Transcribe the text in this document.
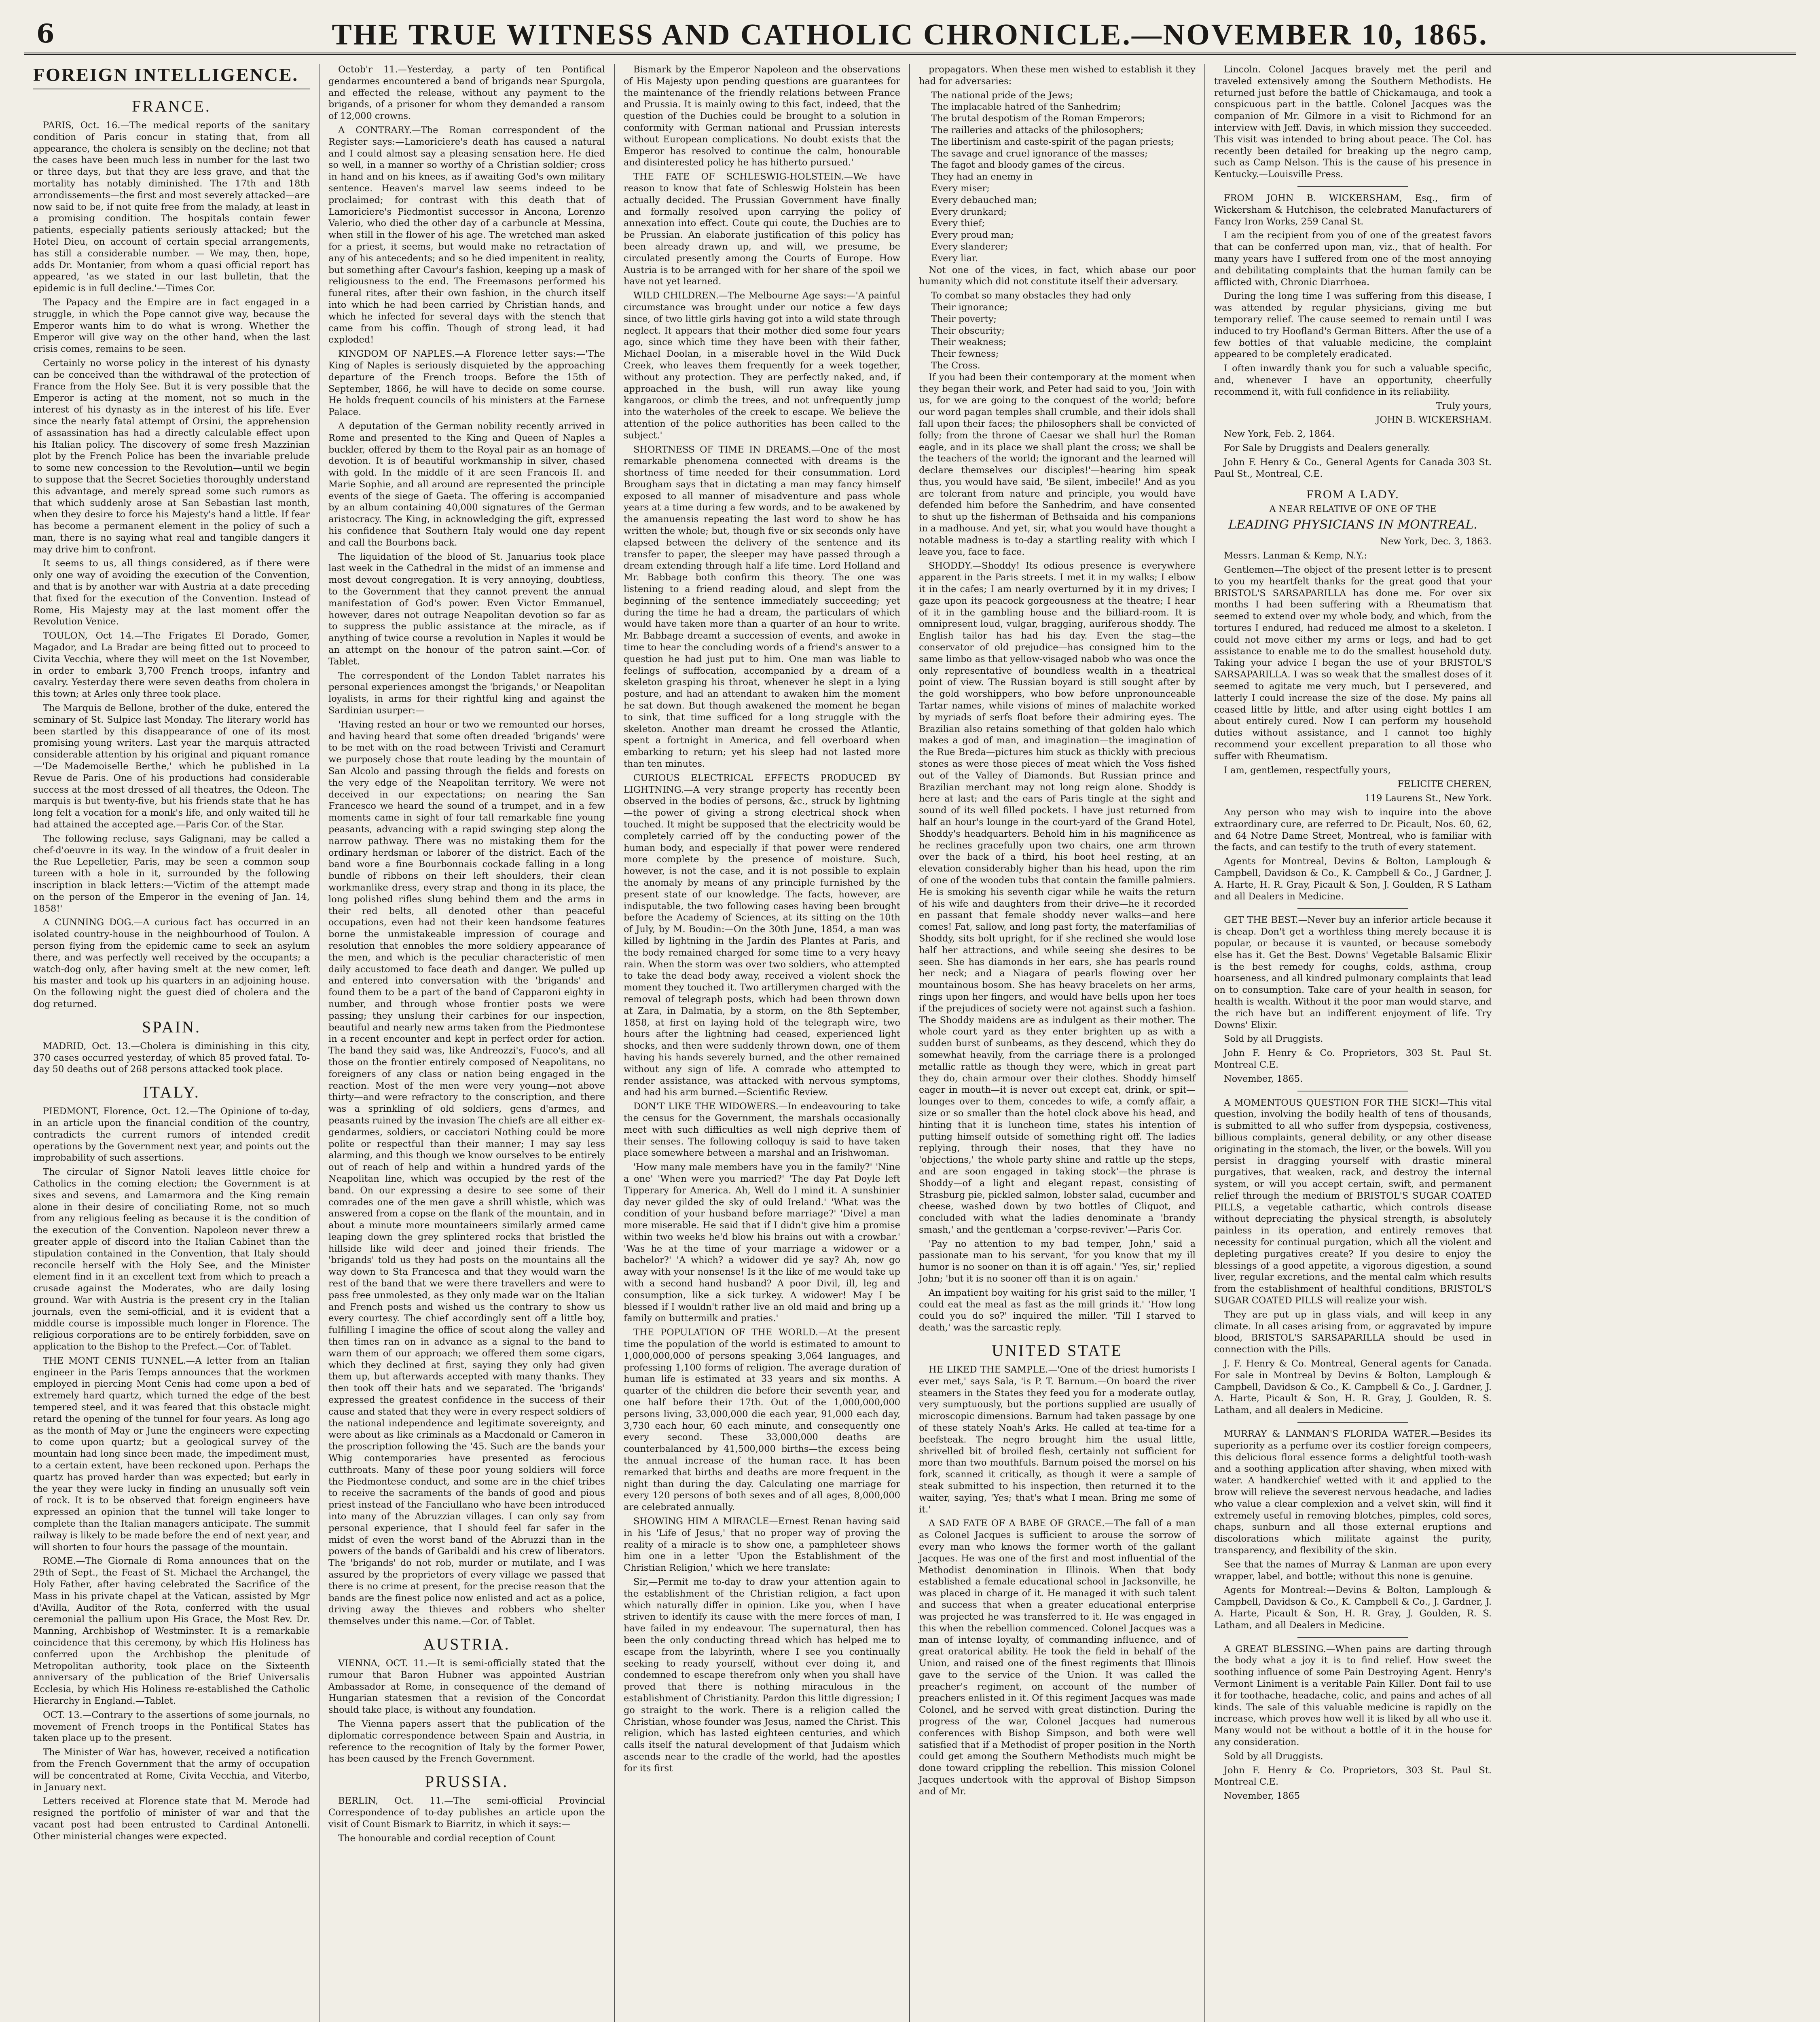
6	THE TRUE WITNESS AND CATHOLIC CHRONICLE.—NOVEMBER 10, 1865.
FOREIGN INTELLIGENCE.
FRANCE.

PARIS, Oct. 16.—The medical reports of the sanitary condition of Paris concur in stating that, from all appearance, the cholera is sensibly on the decline; not that the cases have been much less in number for the last two or three days, but that they are less grave, and that the mortality has notably diminished. The 17th and 18th arrondissements—the first and most severely attacked—are now said to be, if not quite free from the malady, at least in a promising condition. The hospitals contain fewer patients, especially patients seriously attacked; but the Hotel Dieu, on account of certain special arrangements, has still a considerable number. — We may, then, hope, adds Dr. Montanier, from whom a quasi official report has appeared, 'as we stated in our last bulletin, that the epidemic is in full decline.'—Times Cor.

The Papacy and the Empire are in fact engaged in a struggle, in which the Pope cannot give way, because the Emperor wants him to do what is wrong. Whether the Emperor will give way on the other hand, when the last crisis comes, remains to be seen.

Certainly no worse policy in the interest of his dynasty can be conceived than the withdrawal of the protection of France from the Holy See. But it is very possible that the Emperor is acting at the moment, not so much in the interest of his dynasty as in the interest of his life. Ever since the nearly fatal attempt of Orsini, the apprehension of assassination has had a directly calculable effect upon his Italian policy. The discovery of some fresh Mazzinian plot by the French Police has been the invariable prelude to some new concession to the Revolution—until we begin to suppose that the Secret Societies thoroughly understand this advantage, and merely spread some such rumors as that which suddenly arose at San Sebastian last month, when they desire to force his Majesty's hand a little. If fear has become a permanent element in the policy of such a man, there is no saying what real and tangible dangers it may drive him to confront.

It seems to us, all things considered, as if there were only one way of avoiding the execution of the Convention, and that is by another war with Austria at a date preceding that fixed for the execution of the Convention. Instead of Rome, His Majesty may at the last moment offer the Revolution Venice.

TOULON, Oct 14.—The Frigates El Dorado, Gomer, Magador, and La Bradar are being fitted out to proceed to Civita Vecchia, where they will meet on the 1st November, in order to embark 3,700 French troops, infantry and cavalry. Yesterday there were seven deaths from cholera in this town; at Arles only three took place.

The Marquis de Bellone, brother of the duke, entered the seminary of St. Sulpice last Monday. The literary world has been startled by this disappearance of one of its most promising young writers. Last year the marquis attracted considerable attention by his original and piquant romance—'De Mademoiselle Berthe,' which he published in La Revue de Paris. One of his productions had considerable success at the most dressed of all theatres, the Odeon. The marquis is but twenty-five, but his friends state that he has long felt a vocation for a monk's life, and only waited till he had attained the accepted age.—Paris Cor. of the Star.

The following recluse, says Galignani, may be called a chef-d'oeuvre in its way. In the window of a fruit dealer in the Rue Lepelletier, Paris, may be seen a common soup tureen with a hole in it, surrounded by the following inscription in black letters:—'Victim of the attempt made on the person of the Emperor in the evening of Jan. 14, 1858!'

A CUNNING DOG.—A curious fact has occurred in an isolated country-house in the neighbourhood of Toulon. A person flying from the epidemic came to seek an asylum there, and was perfectly well received by the occupants; a watch-dog only, after having smelt at the new comer, left his master and took up his quarters in an adjoining house. On the following night the guest died of cholera and the dog returned.

SPAIN.

MADRID, Oct. 13.—Cholera is diminishing in this city, 370 cases occurred yesterday, of which 85 proved fatal. To-day 50 deaths out of 268 persons attacked took place.

ITALY.

PIEDMONT, Florence, Oct. 12.—The Opinione of to-day, in an article upon the financial condition of the country, contradicts the current rumors of intended credit operations by the Government next year, and points out the improbability of such assertions.

The circular of Signor Natoli leaves little choice for Catholics in the coming election; the Government is at sixes and sevens, and Lamarmora and the King remain alone in their desire of conciliating Rome, not so much from any religious feeling as because it is the condition of the execution of the Convention. Napoleon never threw a greater apple of discord into the Italian Cabinet than the stipulation contained in the Convention, that Italy should reconcile herself with the Holy See, and the Minister element find in it an excellent text from which to preach a crusade against the Moderates, who are daily losing ground. War with Austria is the present cry in the Italian journals, even the semi-official, and it is evident that a middle course is impossible much longer in Florence. The religious corporations are to be entirely forbidden, save on application to the Bishop to the Prefect.—Cor. of Tablet.

THE MONT CENIS TUNNEL.—A letter from an Italian engineer in the Paris Temps announces that the workmen employed in piercing Mont Cenis had come upon a bed of extremely hard quartz, which turned the edge of the best tempered steel, and it was feared that this obstacle might retard the opening of the tunnel for four years. As long ago as the month of May or June the engineers were expecting to come upon quartz; but a geological survey of the mountain had long since been made, the impediment must, to a certain extent, have been reckoned upon. Perhaps the quartz has proved harder than was expected; but early in the year they were lucky in finding an unusually soft vein of rock. It is to be observed that foreign engineers have expressed an opinion that the tunnel will take longer to complete than the Italian managers anticipate. The summit railway is likely to be made before the end of next year, and will shorten to four hours the passage of the mountain.

ROME.—The Giornale di Roma announces that on the 29th of Sept., the Feast of St. Michael the Archangel, the Holy Father, after having celebrated the Sacrifice of the Mass in his private chapel at the Vatican, assisted by Mgr d'Avilla, Auditor of the Rota, conferred with the usual ceremonial the pallium upon His Grace, the Most Rev. Dr. Manning, Archbishop of Westminster. It is a remarkable coincidence that this ceremony, by which His Holiness has conferred upon the Archbishop the plenitude of Metropolitan authority, took place on the Sixteenth anniversary of the publication of the Brief Universalis Ecclesia, by which His Holiness re-established the Catholic Hierarchy in England.—Tablet.

OCT. 13.—Contrary to the assertions of some journals, no movement of French troops in the Pontifical States has taken place up to the present.

The Minister of War has, however, received a notification from the French Government that the army of occupation will be concentrated at Rome, Civita Vecchia, and Viterbo, in January next.

Letters received at Florence state that M. Merode had resigned the portfolio of minister of war and that the vacant post had been entrusted to Cardinal Antonelli. Other ministerial changes were expected.

Octob'r 11.—Yesterday, a party of ten Pontifical gendarmes encountered a band of brigands near Spurgola, and effected the release, without any payment to the brigands, of a prisoner for whom they demanded a ransom of 12,000 crowns.

A CONTRARY.—The Roman correspondent of the Register says:—Lamoriciere's death has caused a natural and I could almost say a pleasing sensation here. He died so well, in a manner so worthy of a Christian soldier; cross in hand and on his knees, as if awaiting God's own military sentence. Heaven's marvel law seems indeed to be proclaimed; for contrast with this death that of Lamoriciere's Piedmontist successor in Ancona, Lorenzo Valerio, who died the other day of a carbuncle at Messina, when still in the flower of his age. The wretched man asked for a priest, it seems, but would make no retractation of any of his antecedents; and so he died impenitent in reality, but something after Cavour's fashion, keeping up a mask of religiousness to the end. The Freemasons performed his funeral rites, after their own fashion, in the church itself into which he had been carried by Christian hands, and which he infected for several days with the stench that came from his coffin. Though of strong lead, it had exploded!

KINGDOM OF NAPLES.—A Florence letter says:—'The King of Naples is seriously disquieted by the approaching departure of the French troops. Before the 15th of September, 1866, he will have to decide on some course. He holds frequent councils of his ministers at the Farnese Palace.

A deputation of the German nobility recently arrived in Rome and presented to the King and Queen of Naples a buckler, offered by them to the Royal pair as an homage of devotion. It is of beautiful workmanship in silver, chased with gold. In the middle of it are seen Francois II. and Marie Sophie, and all around are represented the principle events of the siege of Gaeta. The offering is accompanied by an album containing 40,000 signatures of the German aristocracy. The King, in acknowledging the gift, expressed his confidence that Southern Italy would one day repent and call the Bourbons back.

The liquidation of the blood of St. Januarius took place last week in the Cathedral in the midst of an immense and most devout congregation. It is very annoying, doubtless, to the Government that they cannot prevent the annual manifestation of God's power. Even Victor Emmanuel, however, dares not outrage Neapolitan devotion so far as to suppress the public assistance at the miracle, as if anything of twice course a revolution in Naples it would be an attempt on the honour of the patron saint.—Cor. of Tablet.

The correspondent of the London Tablet narrates his personal experiences amongst the 'brigands,' or Neapolitan loyalists, in arms for their rightful king and against the Sardinian usurper:—

'Having rested an hour or two we remounted our horses, and having heard that some often dreaded 'brigands' were to be met with on the road between Trivisti and Ceramurt we purposely chose that route leading by the mountain of San Alcolo and passing through the fields and forests on the very edge of the Neapolitan territory. We were not deceived in our expectations; on nearing the San Francesco we heard the sound of a trumpet, and in a few moments came in sight of four tall remarkable fine young peasants, advancing with a rapid swinging step along the narrow pathway. There was no mistaking them for the ordinary herdsman or laborer of the district. Each of the band wore a fine Bourbonnais cockade falling in a long bundle of ribbons on their left shoulders, their clean workmanlike dress, every strap and thong in its place, the long polished rifles slung behind them and the arms in their red belts, all denoted other than peaceful occupations, even had not their keen handsome features borne the unmistakeable impression of courage and resolution that ennobles the more soldiery appearance of the men, and which is the peculiar characteristic of men daily accustomed to face death and danger. We pulled up and entered into conversation with the 'brigands' and found them to be a part of the band of Capparoni eighty in number, and through whose frontier posts we were passing; they unslung their carbines for our inspection, beautiful and nearly new arms taken from the Piedmontese in a recent encounter and kept in perfect order for action. The band they said was, like Andreozzi's, Fuoco's, and all those on the frontier entirely composed of Neapolitans, no foreigners of any class or nation being engaged in the reaction. Most of the men were very young—not above thirty—and were refractory to the conscription, and there was a sprinkling of old soldiers, gens d'armes, and peasants ruined by the invasion The chiefs are all either ex-gendarmes, soldiers, or cacciatori Nothing could be more polite or respectful than their manner; I may say less alarming, and this though we know ourselves to be entirely out of reach of help and within a hundred yards of the Neapolitan line, which was occupied by the rest of the band. On our expressing a desire to see some of their comrades one of the men gave a shrill whistle, which was answered from a copse on the flank of the mountain, and in about a minute more mountaineers similarly armed came leaping down the grey splintered rocks that bristled the hillside like wild deer and joined their friends. The 'brigands' told us they had posts on the mountains all the way down to Sta Francesca and that they would warn the rest of the band that we were there travellers and were to pass free unmolested, as they only made war on the Italian and French posts and wished us the contrary to show us every courtesy. The chief accordingly sent off a little boy, fulfilling I imagine the office of scout along the valley and then times ran on in advance as a signal to the band to warn them of our approach; we offered them some cigars, which they declined at first, saying they only had given them up, but afterwards accepted with many thanks. They then took off their hats and we separated. The 'brigands' expressed the greatest confidence in the success of their cause and stated that they were in every respect soldiers of the national independence and legitimate sovereignty, and were about as like criminals as a Macdonald or Cameron in the proscription following the '45. Such are the bands your Whig contemporaries have presented as ferocious cutthroats. Many of these poor young soldiers will force the Piedmontese conduct, and some are in the chief tribes to receive the sacraments of the bands of good and pious priest instead of the Fanciullano who have been introduced into many of the Abruzzian villages. I can only say from personal experience, that I should feel far safer in the midst of even the worst band of the Abruzzi than in the powers of the bands of Garibaldi and his crew of liberators. The 'brigands' do not rob, murder or mutilate, and I was assured by the proprietors of every village we passed that there is no crime at present, for the precise reason that the bands are the finest police now enlisted and act as a police, driving away the thieves and robbers who shelter themselves under this name.—Cor. of Tablet.

AUSTRIA.

VIENNA, OCT. 11.—It is semi-officially stated that the rumour that Baron Hubner was appointed Austrian Ambassador at Rome, in consequence of the demand of Hungarian statesmen that a revision of the Concordat should take place, is without any foundation.

The Vienna papers assert that the publication of the diplomatic correspondence between Spain and Austria, in reference to the recognition of Italy by the former Power, has been caused by the French Government.

PRUSSIA.

BERLIN, Oct. 11.—The semi-official Provincial Correspondence of to-day publishes an article upon the visit of Count Bismark to Biarritz, in which it says:—

The honourable and cordial reception of Count

Bismark by the Emperor Napoleon and the observations of His Majesty upon pending questions are guarantees for the maintenance of the friendly relations between France and Prussia. It is mainly owing to this fact, indeed, that the question of the Duchies could be brought to a solution in conformity with German national and Prussian interests without European complications. No doubt exists that the Emperor has resolved to continue the calm, honourable and disinterested policy he has hitherto pursued.'

THE FATE OF SCHLESWIG-HOLSTEIN.—We have reason to know that fate of Schleswig Holstein has been actually decided. The Prussian Government have finally and formally resolved upon carrying the policy of annexation into effect. Coute qui coute, the Duchies are to be Prussian. An elaborate justification of this policy has been already drawn up, and will, we presume, be circulated presently among the Courts of Europe. How Austria is to be arranged with for her share of the spoil we have not yet learned.

WILD CHILDREN.—The Melbourne Age says:—'A painful circumstance was brought under our notice a few days since, of two little girls having got into a wild state through neglect. It appears that their mother died some four years ago, since which time they have been with their father, Michael Doolan, in a miserable hovel in the Wild Duck Creek, who leaves them frequently for a week together, without any protection. They are perfectly naked, and, if approached in the bush, will run away like young kangaroos, or climb the trees, and not unfrequently jump into the waterholes of the creek to escape. We believe the attention of the police authorities has been called to the subject.'

SHORTNESS OF TIME IN DREAMS.—One of the most remarkable phenomena connected with dreams is the shortness of time needed for their consummation. Lord Brougham says that in dictating a man may fancy himself exposed to all manner of misadventure and pass whole years at a time during a few words, and to be awakened by the amanuensis repeating the last word to show he has written the whole; but, though five or six seconds only have elapsed between the delivery of the sentence and its transfer to paper, the sleeper may have passed through a dream extending through half a life time. Lord Holland and Mr. Babbage both confirm this theory. The one was listening to a friend reading aloud, and slept from the beginning of the sentence immediately succeeding; yet during the time he had a dream, the particulars of which would have taken more than a quarter of an hour to write. Mr. Babbage dreamt a succession of events, and awoke in time to hear the concluding words of a friend's answer to a question he had just put to him. One man was liable to feelings of suffocation, accompanied by a dream of a skeleton grasping his throat, whenever he slept in a lying posture, and had an attendant to awaken him the moment he sat down. But though awakened the moment he began to sink, that time sufficed for a long struggle with the skeleton. Another man dreamt he crossed the Atlantic, spent a fortnight in America, and fell overboard when embarking to return; yet his sleep had not lasted more than ten minutes.

CURIOUS ELECTRICAL EFFECTS PRODUCED BY LIGHTNING.—A very strange property has recently been observed in the bodies of persons, &c., struck by lightning—the power of giving a strong electrical shock when touched. It might be supposed that the electricity would be completely carried off by the conducting power of the human body, and especially if that power were rendered more complete by the presence of moisture. Such, however, is not the case, and it is not possible to explain the anomaly by means of any principle furnished by the present state of our knowledge. The facts, however, are indisputable, the two following cases having been brought before the Academy of Sciences, at its sitting on the 10th of July, by M. Boudin:—On the 30th June, 1854, a man was killed by lightning in the Jardin des Plantes at Paris, and the body remained charged for some time to a very heavy rain. When the storm was over two soldiers, who attempted to take the dead body away, received a violent shock the moment they touched it. Two artillerymen charged with the removal of telegraph posts, which had been thrown down at Zara, in Dalmatia, by a storm, on the 8th September, 1858, at first on laying hold of the telegraph wire, two hours after the lightning had ceased, experienced light shocks, and then were suddenly thrown down, one of them having his hands severely burned, and the other remained without any sign of life. A comrade who attempted to render assistance, was attacked with nervous symptoms, and had his arm burned.—Scientific Review.

DON'T LIKE THE WIDOWERS.—In endeavouring to take the census for the Government, the marshals occasionally meet with such difficulties as well nigh deprive them of their senses. The following colloquy is said to have taken place somewhere between a marshal and an Irishwoman.

'How many male members have you in the family?' 'Nine a one' 'When were you married?' 'The day Pat Doyle left Tipperary for America. Ah, Well do I mind it. A sunshinier day never gilded the sky of ould Ireland.' 'What was the condition of your husband before marriage?' 'Divel a man more miserable. He said that if I didn't give him a promise within two weeks he'd blow his brains out with a crowbar.' 'Was he at the time of your marriage a widower or a bachelor?' 'A which? a widower did ye say? Ah, now go away with your nonsense! Is it the like of me would take up with a second hand husband? A poor Divil, ill, leg and consumption, like a sick turkey. A widower! May I be blessed if I wouldn't rather live an old maid and bring up a family on buttermilk and praties.'

THE POPULATION OF THE WORLD.—At the present time the population of the world is estimated to amount to 1,000,000,000 of persons speaking 3,064 languages, and professing 1,100 forms of religion. The average duration of human life is estimated at 33 years and six months. A quarter of the children die before their seventh year, and one half before their 17th. Out of the 1,000,000,000 persons living, 33,000,000 die each year, 91,000 each day, 3,730 each hour, 60 each minute, and consequently one every second. These 33,000,000 deaths are counterbalanced by 41,500,000 births—the excess being the annual increase of the human race. It has been remarked that births and deaths are more frequent in the night than during the day. Calculating one marriage for every 120 persons of both sexes and of all ages, 8,000,000 are celebrated annually.

SHOWING HIM A MIRACLE—Ernest Renan having said in his 'Life of Jesus,' that no proper way of proving the reality of a miracle is to show one, a pamphleteer shows him one in a letter 'Upon the Establishment of the Christian Religion,' which we here translate:

Sir,—Permit me to-day to draw your attention again to the establishment of the Christian religion, a fact upon which naturally differ in opinion. Like you, when I have striven to identify its cause with the mere forces of man, I have failed in my endeavour. The supernatural, then has been the only conducting thread which has helped me to escape from the labyrinth, where I see you continually seeking to ready yourself, without ever doing it, and condemned to escape therefrom only when you shall have proved that there is nothing miraculous in the establishment of Christianity. Pardon this little digression; I go straight to the work. There is a religion called the Christian, whose founder was Jesus, named the Christ. This religion, which has lasted eighteen centuries, and which calls itself the natural development of that Judaism which ascends near to the cradle of the world, had the apostles for its first

propagators. When these men wished to establish it they had for adversaries:

The national pride of the Jews;

The implacable hatred of the Sanhedrim;

The brutal despotism of the Roman Emperors;

The railleries and attacks of the philosophers;

The libertinism and caste-spirit of the pagan priests;

The savage and cruel ignorance of the masses;

The fagot and bloody games of the circus.

They had an enemy in

Every miser;

Every debauched man;

Every drunkard;

Every thief;

Every proud man;

Every slanderer;

Every liar.

Not one of the vices, in fact, which abase our poor humanity which did not constitute itself their adversary.

To combat so many obstacles they had only

Their ignorance;

Their poverty;

Their obscurity;

Their weakness;

Their fewness;

The Cross.

If you had been their contemporary at the moment when they began their work, and Peter had said to you, 'Join with us, for we are going to the conquest of the world; before our word pagan temples shall crumble, and their idols shall fall upon their faces; the philosophers shall be convicted of folly; from the throne of Caesar we shall hurl the Roman eagle, and in its place we shall plant the cross; we shall be the teachers of the world; the ignorant and the learned will declare themselves our disciples!'—hearing him speak thus, you would have said, 'Be silent, imbecile!' And as you are tolerant from nature and principle, you would have defended him before the Sanhedrim, and have consented to shut up the fisherman of Bethsaida and his companions in a madhouse. And yet, sir, what you would have thought a notable madness is to-day a startling reality with which I leave you, face to face.

SHODDY.—Shoddy! Its odious presence is everywhere apparent in the Paris streets. I met it in my walks; I elbow it in the cafes; I am nearly overturned by it in my drives; I gaze upon its peacock gorgeousness at the theatre; I hear of it in the gambling house and the billiard-room. It is omnipresent loud, vulgar, bragging, auriferous shoddy. The English tailor has had his day. Even the stag—the conservator of old prejudice—has consigned him to the same limbo as that yellow-visaged nabob who was once the only representative of boundless wealth in a theatrical point of view. The Russian boyard is still sought after by the gold worshippers, who bow before unpronounceable Tartar names, while visions of mines of malachite worked by myriads of serfs float before their admiring eyes. The Brazilian also retains something of that golden halo which makes a god of man, and imagination—the imagination of the Rue Breda—pictures him stuck as thickly with precious stones as were those pieces of meat which the Voss fished out of the Valley of Diamonds. But Russian prince and Brazilian merchant may not long reign alone. Shoddy is here at last; and the ears of Paris tingle at the sight and sound of its well filled pockets. I have just returned from half an hour's lounge in the court-yard of the Grand Hotel, Shoddy's headquarters. Behold him in his magnificence as he reclines gracefully upon two chairs, one arm thrown over the back of a third, his boot heel resting, at an elevation considerably higher than his head, upon the rim of one of the wooden tubs that contain the famille palmiers. He is smoking his seventh cigar while he waits the return of his wife and daughters from their drive—he it recorded en passant that female shoddy never walks—and here comes! Fat, sallow, and long past forty, the materfamilias of Shoddy, sits bolt upright, for if she reclined she would lose half her attractions, and while seeing she desires to be seen. She has diamonds in her ears, she has pearls round her neck; and a Niagara of pearls flowing over her mountainous bosom. She has heavy bracelets on her arms, rings upon her fingers, and would have bells upon her toes if the prejudices of society were not against such a fashion. The Shoddy maidens are as indulgent as their mother. The whole court yard as they enter brighten up as with a sudden burst of sunbeams, as they descend, which they do somewhat heavily, from the carriage there is a prolonged metallic rattle as though they were, which in great part they do, chain armour over their clothes. Shoddy himself eager in mouth—it is never out except eat, drink, or spit—lounges over to them, concedes to wife, a comfy affair, a size or so smaller than the hotel clock above his head, and hinting that it is luncheon time, states his intention of putting himself outside of something right off. The ladies replying, through their noses, that they have no 'objections,' the whole party shine and rattle up the steps, and are soon engaged in taking stock'—the phrase is Shoddy—of a light and elegant repast, consisting of Strasburg pie, pickled salmon, lobster salad, cucumber and cheese, washed down by two bottles of Cliquot, and concluded with what the ladies denominate a 'brandy smash,' and the gentleman a 'corpse-reviver.'—Paris Cor.

'Pay no attention to my bad temper, John,' said a passionate man to his servant, 'for you know that my ill humor is no sooner on than it is off again.' 'Yes, sir,' replied John; 'but it is no sooner off than it is on again.'

An impatient boy waiting for his grist said to the miller, 'I could eat the meal as fast as the mill grinds it.' 'How long could you do so?' inquired the miller. 'Till I starved to death,' was the sarcastic reply.

UNITED STATE

HE LIKED THE SAMPLE.—'One of the driest humorists I ever met,' says Sala, 'is P. T. Barnum.—On board the river steamers in the States they feed you for a moderate outlay, very sumptuously, but the portions supplied are usually of microscopic dimensions. Barnum had taken passage by one of these stately Noah's Arks. He called at tea-time for a beefsteak. The negro brought him the usual little, shrivelled bit of broiled flesh, certainly not sufficient for more than two mouthfuls. Barnum poised the morsel on his fork, scanned it critically, as though it were a sample of steak submitted to his inspection, then returned it to the waiter, saying, 'Yes; that's what I mean. Bring me some of it.'

A SAD FATE OF A BABE OF GRACE.—The fall of a man as Colonel Jacques is sufficient to arouse the sorrow of every man who knows the former worth of the gallant Jacques. He was one of the first and most influential of the Methodist denomination in Illinois. When that body established a female educational school in Jacksonville, he was placed in charge of it. He managed it with such talent and success that when a greater educational enterprise was projected he was transferred to it. He was engaged in this when the rebellion commenced. Colonel Jacques was a man of intense loyalty, of commanding influence, and of great oratorical ability. He took the field in behalf of the Union, and raised one of the finest regiments that Illinois gave to the service of the Union. It was called the preacher's regiment, on account of the number of preachers enlisted in it. Of this regiment Jacques was made Colonel, and he served with great distinction. During the progress of the war, Colonel Jacques had numerous conferences with Bishop Simpson, and both were well satisfied that if a Methodist of proper position in the North could get among the Southern Methodists much might be done toward crippling the rebellion. This mission Colonel Jacques undertook with the approval of Bishop Simpson and of Mr.

Lincoln. Colonel Jacques bravely met the peril and traveled extensively among the Southern Methodists. He returned just before the battle of Chickamauga, and took a conspicuous part in the battle. Colonel Jacques was the companion of Mr. Gilmore in a visit to Richmond for an interview with Jeff. Davis, in which mission they succeeded. This visit was intended to bring about peace. The Col. has recently been detailed for breaking up the negro camp, such as Camp Nelson. This is the cause of his presence in Kentucky.—Louisville Press.

FROM JOHN B. WICKERSHAM, Esq., firm of Wickersham & Hutchison, the celebrated Manufacturers of Fancy Iron Works, 259 Canal St.

I am the recipient from you of one of the greatest favors that can be conferred upon man, viz., that of health. For many years have I suffered from one of the most annoying and debilitating complaints that the human family can be afflicted with, Chronic Diarrhoea.

During the long time I was suffering from this disease, I was attended by regular physicians, giving me but temporary relief. The cause seemed to remain until I was induced to try Hoofland's German Bitters. After the use of a few bottles of that valuable medicine, the complaint appeared to be completely eradicated.

I often inwardly thank you for such a valuable specific, and, whenever I have an opportunity, cheerfully recommend it, with full confidence in its reliability.

Truly yours,

JOHN B. WICKERSHAM.

New York, Feb. 2, 1864.

For Sale by Druggists and Dealers generally.

John F. Henry & Co., General Agents for Canada 303 St. Paul St., Montreal, C.E.

FROM A LADY.

A NEAR RELATIVE OF ONE OF THE

LEADING PHYSICIANS IN MONTREAL.

New York, Dec. 3, 1863.

Messrs. Lanman & Kemp, N.Y.:

Gentlemen—The object of the present letter is to present to you my heartfelt thanks for the great good that your BRISTOL'S SARSAPARILLA has done me. For over six months I had been suffering with a Rheumatism that seemed to extend over my whole body, and which, from the tortures I endured, had reduced me almost to a skeleton. I could not move either my arms or legs, and had to get assistance to enable me to do the smallest household duty. Taking your advice I began the use of your BRISTOL'S SARSAPARILLA. I was so weak that the smallest doses of it seemed to agitate me very much, but I persevered, and latterly I could increase the size of the dose. My pains all ceased little by little, and after using eight bottles I am about entirely cured. Now I can perform my household duties without assistance, and I cannot too highly recommend your excellent preparation to all those who suffer with Rheumatism.

I am, gentlemen, respectfully yours,

FELICITE CHEREN,

119 Laurens St., New York.

Any person who may wish to inquire into the above extraordinary cure, are referred to Dr. Picault, Nos. 60, 62, and 64 Notre Dame Street, Montreal, who is familiar with the facts, and can testify to the truth of every statement.

Agents for Montreal, Devins & Bolton, Lamplough & Campbell, Davidson & Co., K. Campbell & Co., J Gardner, J. A. Harte, H. R. Gray, Picault & Son, J. Goulden, R S Latham and all Dealers in Medicine.

GET THE BEST.—Never buy an inferior article because it is cheap. Don't get a worthless thing merely because it is popular, or because it is vaunted, or because somebody else has it. Get the Best. Downs' Vegetable Balsamic Elixir is the best remedy for coughs, colds, asthma, croup hoarseness, and all kindred pulmonary complaints that lead on to consumption. Take care of your health in season, for health is wealth. Without it the poor man would starve, and the rich have but an indifferent enjoyment of life. Try Downs' Elixir.

Sold by all Druggists.

John F. Henry & Co. Proprietors, 303 St. Paul St. Montreal C.E.

November, 1865.

A MOMENTOUS QUESTION FOR THE SICK!—This vital question, involving the bodily health of tens of thousands, is submitted to all who suffer from dyspepsia, costiveness, billious complaints, general debility, or any other disease originating in the stomach, the liver, or the bowels. Will you persist in dragging yourself with drastic mineral purgatives, that weaken, rack, and destroy the internal system, or will you accept certain, swift, and permanent relief through the medium of BRISTOL'S SUGAR COATED PILLS, a vegetable cathartic, which controls disease without depreciating the physical strength, is absolutely painless in its operation, and entirely removes that necessity for continual purgation, which all the violent and depleting purgatives create? If you desire to enjoy the blessings of a good appetite, a vigorous digestion, a sound liver, regular excretions, and the mental calm which results from the establishment of healthful conditions, BRISTOL'S SUGAR COATED PILLS will realize your wish.

They are put up in glass vials, and will keep in any climate. In all cases arising from, or aggravated by impure blood, BRISTOL'S SARSAPARILLA should be used in connection with the Pills.

J. F. Henry & Co. Montreal, General agents for Canada. For sale in Montreal by Devins & Bolton, Lamplough & Campbell, Davidson & Co., K. Campbell & Co., J. Gardner, J. A. Harte, Picault & Son, H. R. Gray, J. Goulden, R. S. Latham, and all dealers in Medicine.

MURRAY & LANMAN'S FLORIDA WATER.—Besides its superiority as a perfume over its costlier foreign compeers, this delicious floral essence forms a delightful tooth-wash and a soothing application after shaving, when mixed with water. A handkerchief wetted with it and applied to the brow will relieve the severest nervous headache, and ladies who value a clear complexion and a velvet skin, will find it extremely useful in removing blotches, pimples, cold sores, chaps, sunburn and all those external eruptions and discolorations which militate against the purity, transparency, and flexibility of the skin.

See that the names of Murray & Lanman are upon every wrapper, label, and bottle; without this none is genuine.

Agents for Montreal:—Devins & Bolton, Lamplough & Campbell, Davidson & Co., K. Campbell & Co., J. Gardner, J. A. Harte, Picault & Son, H. R. Gray, J. Goulden, R. S. Latham, and all Dealers in Medicine.

A GREAT BLESSING.—When pains are darting through the body what a joy it is to find relief. How sweet the soothing influence of some Pain Destroying Agent. Henry's Vermont Liniment is a veritable Pain Killer. Dont fail to use it for toothache, headache, colic, and pains and aches of all kinds. The sale of this valuable medicine is rapidly on the increase, which proves how well it is liked by all who use it. Many would not be without a bottle of it in the house for any consideration.

Sold by all Druggists.

John F. Henry & Co. Proprietors, 303 St. Paul St. Montreal C.E.

November, 1865
